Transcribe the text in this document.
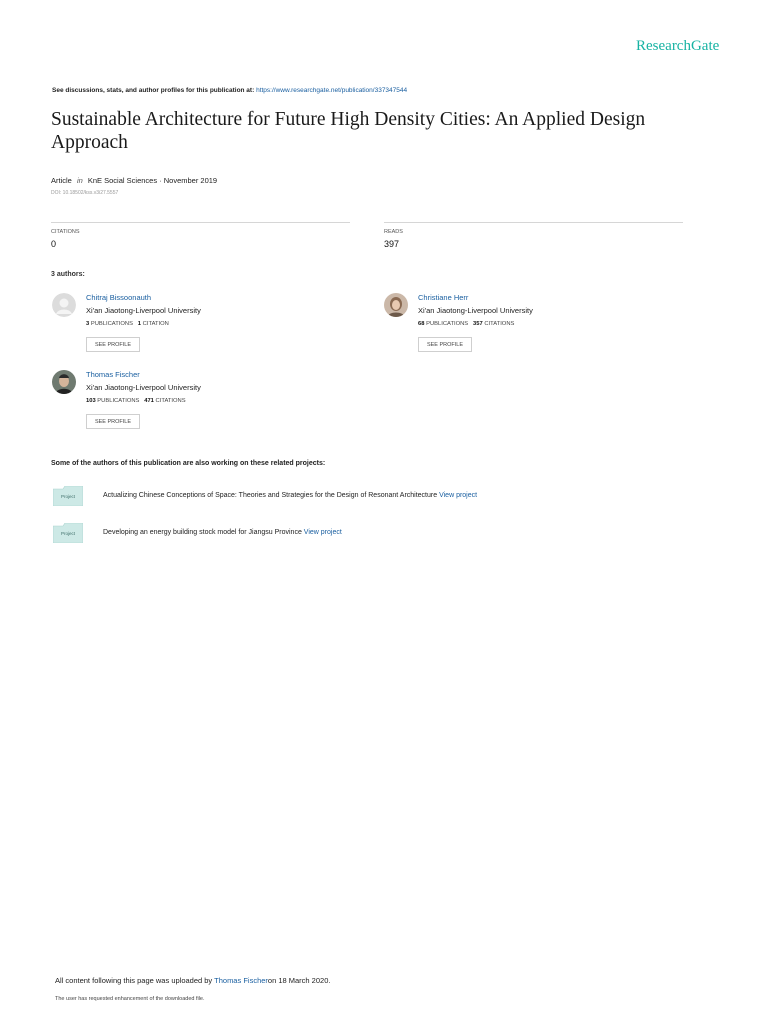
ResearchGate
See discussions, stats, and author profiles for this publication at: https://www.researchgate.net/publication/337347544
Sustainable Architecture for Future High Density Cities: An Applied Design Approach
Article in KnE Social Sciences · November 2019
DOI: 10.18502/kss.v3i27.5557
CITATIONS
0
READS
397
3 authors:
Chitraj Bissoonauth
Xi'an Jiaotong-Liverpool University
3 PUBLICATIONS 1 CITATION
SEE PROFILE
Christiane Herr
Xi'an Jiaotong-Liverpool University
68 PUBLICATIONS 357 CITATIONS
SEE PROFILE
Thomas Fischer
Xi'an Jiaotong-Liverpool University
103 PUBLICATIONS 471 CITATIONS
SEE PROFILE
Some of the authors of this publication are also working on these related projects:
Project	Actualizing Chinese Conceptions of Space: Theories and Strategies for the Design of Resonant Architecture View project
Project	Developing an energy building stock model for Jiangsu Province View project
All content following this page was uploaded by Thomas Fischeron 18 March 2020.
The user has requested enhancement of the downloaded file.
